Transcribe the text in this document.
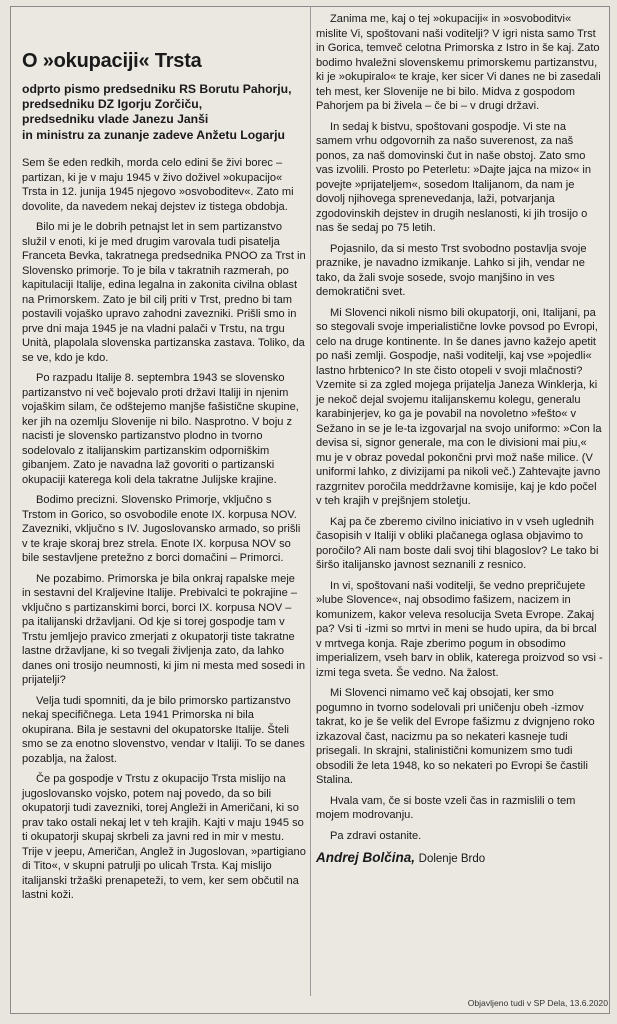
O »okupaciji« Trsta
odprto pismo predsedniku RS Borutu Pahorju,
predsedniku DZ Igorju Zorčiču,
predsedniku vlade Janezu Janši
in ministru za zunanje zadeve Anžetu Logarju

Sem še eden redkih, morda celo edini še živi borec – partizan, ki je v maju 1945 v živo doživel »okupacijo« Trsta in 12. junija 1945 njegovo »osvoboditev«. Zato mi dovolite, da navedem nekaj dejstev iz tistega obdobja.

Bilo mi je le dobrih petnajst let in sem partizanstvo služil v enoti, ki je med drugim varovala tudi pisatelja Franceta Bevka, takratnega predsednika PNOO za Trst in Slovensko primorje. To je bila v takratnih razmerah, po kapitulaciji Italije, edina legalna in zakonita civilna oblast na Primorskem. Zato je bil cilj priti v Trst, predno bi tam postavili vojaško upravo zahodni zavezniki. Prišli smo in prve dni maja 1945 je na vladni palači v Trstu, na trgu Unità, plapolala slovenska partizanska zastava. Toliko, da se ve, kdo je kdo.

Po razpadu Italije 8. septembra 1943 se slovensko partizanstvo ni več bojevalo proti državi Italiji in njenim vojaškim silam, če odštejemo manjše fašistične skupine, ker jih na ozemlju Slovenije ni bilo. Nasprotno. V boju z nacisti je slovensko partizanstvo plodno in tvorno sodelovalo z italijanskim partizanskim odporniškim gibanjem. Zato je navadna laž govoriti o partizanski okupaciji katerega koli dela takratne Julijske krajine.

Bodimo precizni. Slovensko Primorje, vključno s Trstom in Gorico, so osvobodile enote IX. korpusa NOV. Zavezniki, vključno s IV. Jugoslovansko armado, so prišli v te kraje skoraj brez strela. Enote IX. korpusa NOV so bile sestavljene pretežno z borci domačini – Primorci.

Ne pozabimo. Primorska je bila onkraj rapalske meje in sestavni del Kraljevine Italije. Prebivalci te pokrajine – vključno s partizanskimi borci, borci IX. korpusa NOV – pa italijanski državljani. Od kje si torej gospodje tam v Trstu jemljejo pravico zmerjati z okupatorji tiste takratne lastne državljane, ki so tvegali življenja zato, da lahko danes oni trosijo neumnosti, ki jim ni mesta med sosedi in prijatelji?

Velja tudi spomniti, da je bilo primorsko partizanstvo nekaj specifičnega. Leta 1941 Primorska ni bila okupirana. Bila je sestavni del okupatorske Italije. Šteli smo se za enotno slovenstvo, vendar v Italiji. To se danes pozablja, na žalost.

Če pa gospodje v Trstu z okupacijo Trsta mislijo na jugoslovansko vojsko, potem naj povedo, da so bili okupatorji tudi zavezniki, torej Angleži in Američani, ki so prav tako ostali nekaj let v teh krajih. Kajti v maju 1945 so ti okupatorji skupaj skrbeli za javni red in mir v mestu. Trije v jeepu, Američan, Anglež in Jugoslovan, »partigiano di Tito«, v skupni patrulji po ulicah Trsta. Kaj mislijo italijanski tržaški prenapeteži, to vem, ker sem občutil na lastni koži.

Zanima me, kaj o tej »okupaciji« in »osvoboditvi« mislite Vi, spoštovani naši voditelji? V igri nista samo Trst in Gorica, temveč celotna Primorska z Istro in še kaj. Zato bodimo hvaležni slovenskemu primorskemu partizanstvu, ki je »okupiralo« te kraje, ker sicer Vi danes ne bi zasedali teh mest, ker Slovenije ne bi bilo. Midva z gospodom Pahorjem pa bi živela – če bi – v drugi državi.

In sedaj k bistvu, spoštovani gospodje. Vi ste na samem vrhu odgovornih za našo suverenost, za naš ponos, za naš domovinski čut in naše obstoj. Zato smo vas izvolili. Prosto po Peterletu: »Dajte jajca na mizo« in povejte »prijateljem«, sosedom Italijanom, da nam je dovolj njihovega sprenevedanja, laži, potvarjanja zgodovinskih dejstev in drugih neslanosti, ki jih trosijo o nas še sedaj po 75 letih.

Pojasnilo, da si mesto Trst svobodno postavlja svoje praznike, je navadno izmikanje. Lahko si jih, vendar ne tako, da žali svoje sosede, svojo manjšino in ves demokratični svet.

Mi Slovenci nikoli nismo bili okupatorji, oni, Italijani, pa so stegovali svoje imperialistične lovke povsod po Evropi, celo na druge kontinente. In še danes javno kažejo apetit po naši zemlji. Gospodje, naši voditelji, kaj vse »pojedli« lastno hrbtenico? In ste čisto otopeli v svoji mlačnosti? Vzemite si za zgled mojega prijatelja Janeza Winklerja, ki je nekoč dejal svojemu italijanskemu kolegu, generalu karabinjerjev, ko ga je povabil na novoletno »fešto« v Sežano in se je le-ta izgovarjal na svojo uniformo: »Con la devisa si, signor generale, ma con le divisioni mai piu,« mu je v obraz povedal pokončni prvi mož naše milice. (V uniformi lahko, z divizijami pa nikoli več.) Zahtevajte javno razgrnitev poročila meddržavne komisije, kaj je kdo počel v teh krajih v prejšnjem stoletju.

Kaj pa če zberemo civilno iniciativo in v vseh uglednih časopisih v Italiji v obliki plačanega oglasa objavimo to poročilo? Ali nam boste dali svoj tihi blagoslov? Le tako bi širšo italijansko javnost seznanili z resnico.

In vi, spoštovani naši voditelji, še vedno prepričujete »lube Slovence«, naj obsodimo fašizem, nacizem in komunizem, kakor veleva resolucija Sveta Evrope. Zakaj pa? Vsi ti -izmi so mrtvi in meni se hudo upira, da bi brcal v mrtvega konja. Raje zberimo pogum in obsodimo imperializem, vseh barv in oblik, katerega proizvod so vsi -izmi tega sveta. Še vedno. Na žalost.

Mi Slovenci nimamo več kaj obsojati, ker smo pogumno in tvorno sodelovali pri uničenju obeh -izmov takrat, ko je še velik del Evrope fašizmu z dvignjeno roko izkazoval čast, nacizmu pa so nekateri kasneje tudi prisegali. In skrajni, stalinistični komunizem smo tudi obsodili že leta 1948, ko so nekateri po Evropi še častili Stalina.

Hvala vam, če si boste vzeli čas in razmislili o tem mojem modrovanju.

Pa zdravi ostanite.

Andrej Bolčina, Dolenje Brdo
Objavljeno tudi v SP Dela, 13.6.2020
